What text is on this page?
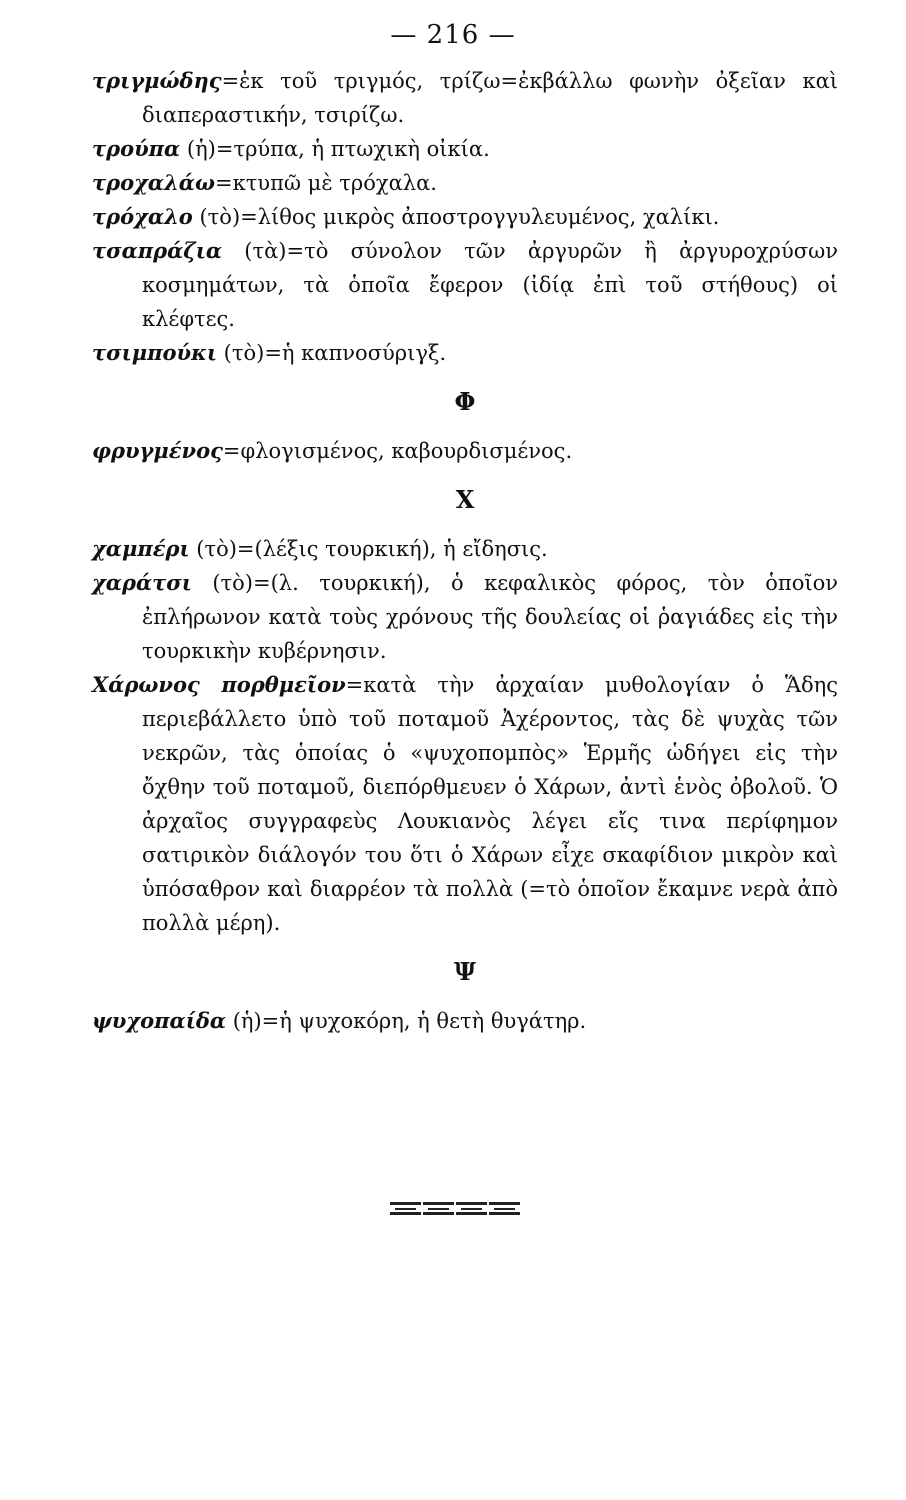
— 216 —

τριγμώδης=ἐκ τοῦ τριγμός, τρίζω=ἐκβάλλω φωνὴν ὀξεῖαν καὶ διαπεραστικήν, τσιρίζω.

τρούπα (ἡ)=τρύπα, ἡ πτωχικὴ οἰκία.

τροχαλάω=κτυπῶ μὲ τρόχαλα.

τρόχαλο (τὸ)=λίθος μικρὸς ἀποστρογγυλευμένος, χαλίκι.

τσαπράζια (τὰ)=τὸ σύνολον τῶν ἀργυρῶν ἢ ἀργυροχρύσων κοσμημάτων, τὰ ὁποῖα ἔφερον (ἰδίᾳ ἐπὶ τοῦ στήθους) οἱ κλέφτες.

τσιμπούκι (τὸ)=ἡ καπνοσύριγξ.

Φ

φρυγμένος=φλογισμένος, καβουρδισμένος.

Χ

χαμπέρι (τὸ)=(λέξις τουρκική), ἡ εἴδησις.

χαράτσι (τὸ)=(λ. τουρκική), ὁ κεφαλικὸς φόρος, τὸν ὁποῖον ἐπλήρωνον κατὰ τοὺς χρόνους τῆς δουλείας οἱ ῥαγιάδες εἰς τὴν τουρκικὴν κυβέρνησιν.

Χάρωνος πορθμεῖον=κατὰ τὴν ἀρχαίαν μυθολογίαν ὁ Ἅδης περιεβάλλετο ὑπὸ τοῦ ποταμοῦ Ἀχέροντος, τὰς δὲ ψυχὰς τῶν νεκρῶν, τὰς ὁποίας ὁ «ψυχοπομπὸς» Ἑρμῆς ὡδήγει εἰς τὴν ὄχθην τοῦ ποταμοῦ, διεπόρθμευεν ὁ Χάρων, ἀντὶ ἑνὸς ὀβολοῦ. Ὁ ἀρχαῖος συγγραφεὺς Λουκιανὸς λέγει εἴς τινα περίφημον σατιρικὸν διάλογόν του ὅτι ὁ Χάρων εἶχε σκαφίδιον μικρὸν καὶ ὑπόσαθρον καὶ διαρρέον τὰ πολλὰ (=τὸ ὁποῖον ἔκαμνε νερὰ ἀπὸ πολλὰ μέρη).

Ψ

ψυχοπαίδα (ἡ)=ἡ ψυχοκόρη, ἡ θετὴ θυγάτηρ.
